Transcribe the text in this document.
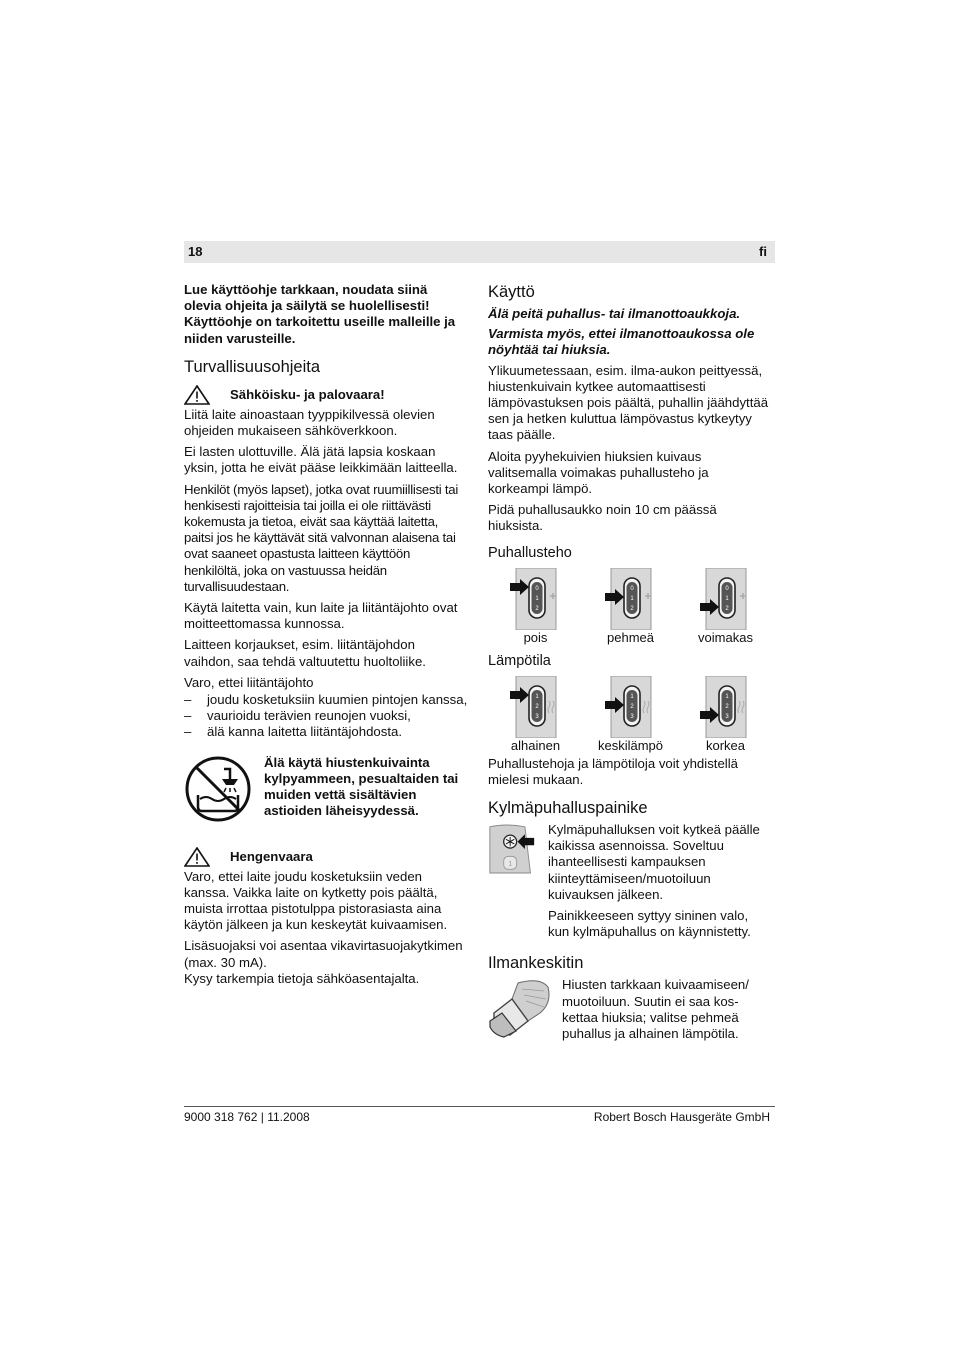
18	fi

Lue käyttöohje tarkkaan, noudata siinä olevia ohjeita ja säilytä se huolellisesti! Käyttöohje on tarkoitettu useille malleille ja niiden varusteille.

Turvallisuusohjeita
Sähköisku- ja palovaara!

Liitä laite ainoastaan tyyppikilvessä olevien ohjeiden mukaiseen sähköverkkoon.

Ei lasten ulottuville. Älä jätä lapsia koskaan yksin, jotta he eivät pääse leikkimään laitteella.

Henkilöt (myös lapset), jotka ovat ruumiillisesti tai henkisesti rajoitteisia tai joilla ei ole riittävästi kokemusta ja tietoa, eivät saa käyttää laitetta, paitsi jos he käyttävät sitä valvonnan alaisena tai ovat saaneet opastusta laitteen käyttöön henkilöltä, joka on vastuussa heidän turvallisuudestaan.

Käytä laitetta vain, kun laite ja liitäntäjohto ovat moitteettomassa kunnossa.

Laitteen korjaukset, esim. liitäntäjohdon vaihdon, saa tehdä valtuutettu huoltoliike.

Varo, ettei liitäntäjohto

– joudu kosketuksiin kuumien pintojen kanssa,
– vaurioidu terävien reunojen vuoksi,
– älä kanna laitetta liitäntäjohdosta.
Älä käytä hiustenkuivainta kylpyammeen, pesualtaiden tai muiden vettä sisältävien astioiden läheisyydessä.
Hengenvaara

Varo, ettei laite joudu kosketuksiin veden kanssa. Vaikka laite on kytketty pois päältä, muista irrottaa pistotulppa pistorasiasta aina käytön jälkeen ja kun keskeytät kuivaamisen.

Lisäsuojaksi voi asentaa vikavirtasuojakytkimen (max. 30 mA).

Kysy tarkempia tietoja sähköasentajalta.

Käyttö

Älä peitä puhallus- tai ilmanottoaukkoja.

Varmista myös, ettei ilmanottoaukossa ole nöyhtää tai hiuksia.

Ylikuumetessaan, esim. ilma-aukon peittyessä, hiustenkuivain kytkee automaattisesti lämpövastuksen pois päältä, puhallin jäähdyttää sen ja hetken kuluttua lämpövastus kytkeytyy taas päälle.

Aloita pyyhekuivien hiuksien kuivaus valitsemalla voimakas puhallusteho ja korkeampi lämpö.

Pidä puhallusaukko noin 10 cm päässä hiuksista.

Puhallusteho
0
1
2
pois
0
1
2
pehmeä
0
1
2
voimakas
Lämpötila
1
2
3
alhainen
1
2
3
keskilämpö
1
2
3
korkea

Puhallustehoja ja lämpötiloja voit yhdistellä mielesi mukaan.

Kylmäpuhalluspainike
1

Kylmäpuhalluksen voit kytkeä päälle kaikissa asennoissa. Soveltuu ihanteellisesti kampauksen kiinteyttämiseen/muotoiluun kuivauksen jälkeen.

Painikkeeseen syttyy sininen valo, kun kylmäpuhallus on käynnistetty.

Ilmankeskitin

Hiusten tarkkaan kuivaamiseen/ muotoiluun. Suutin ei saa kos-kettaa hiuksia; valitse pehmeä puhallus ja alhainen lämpötila.

9000 318 762 | 11.2008	Robert Bosch Hausgeräte GmbH
